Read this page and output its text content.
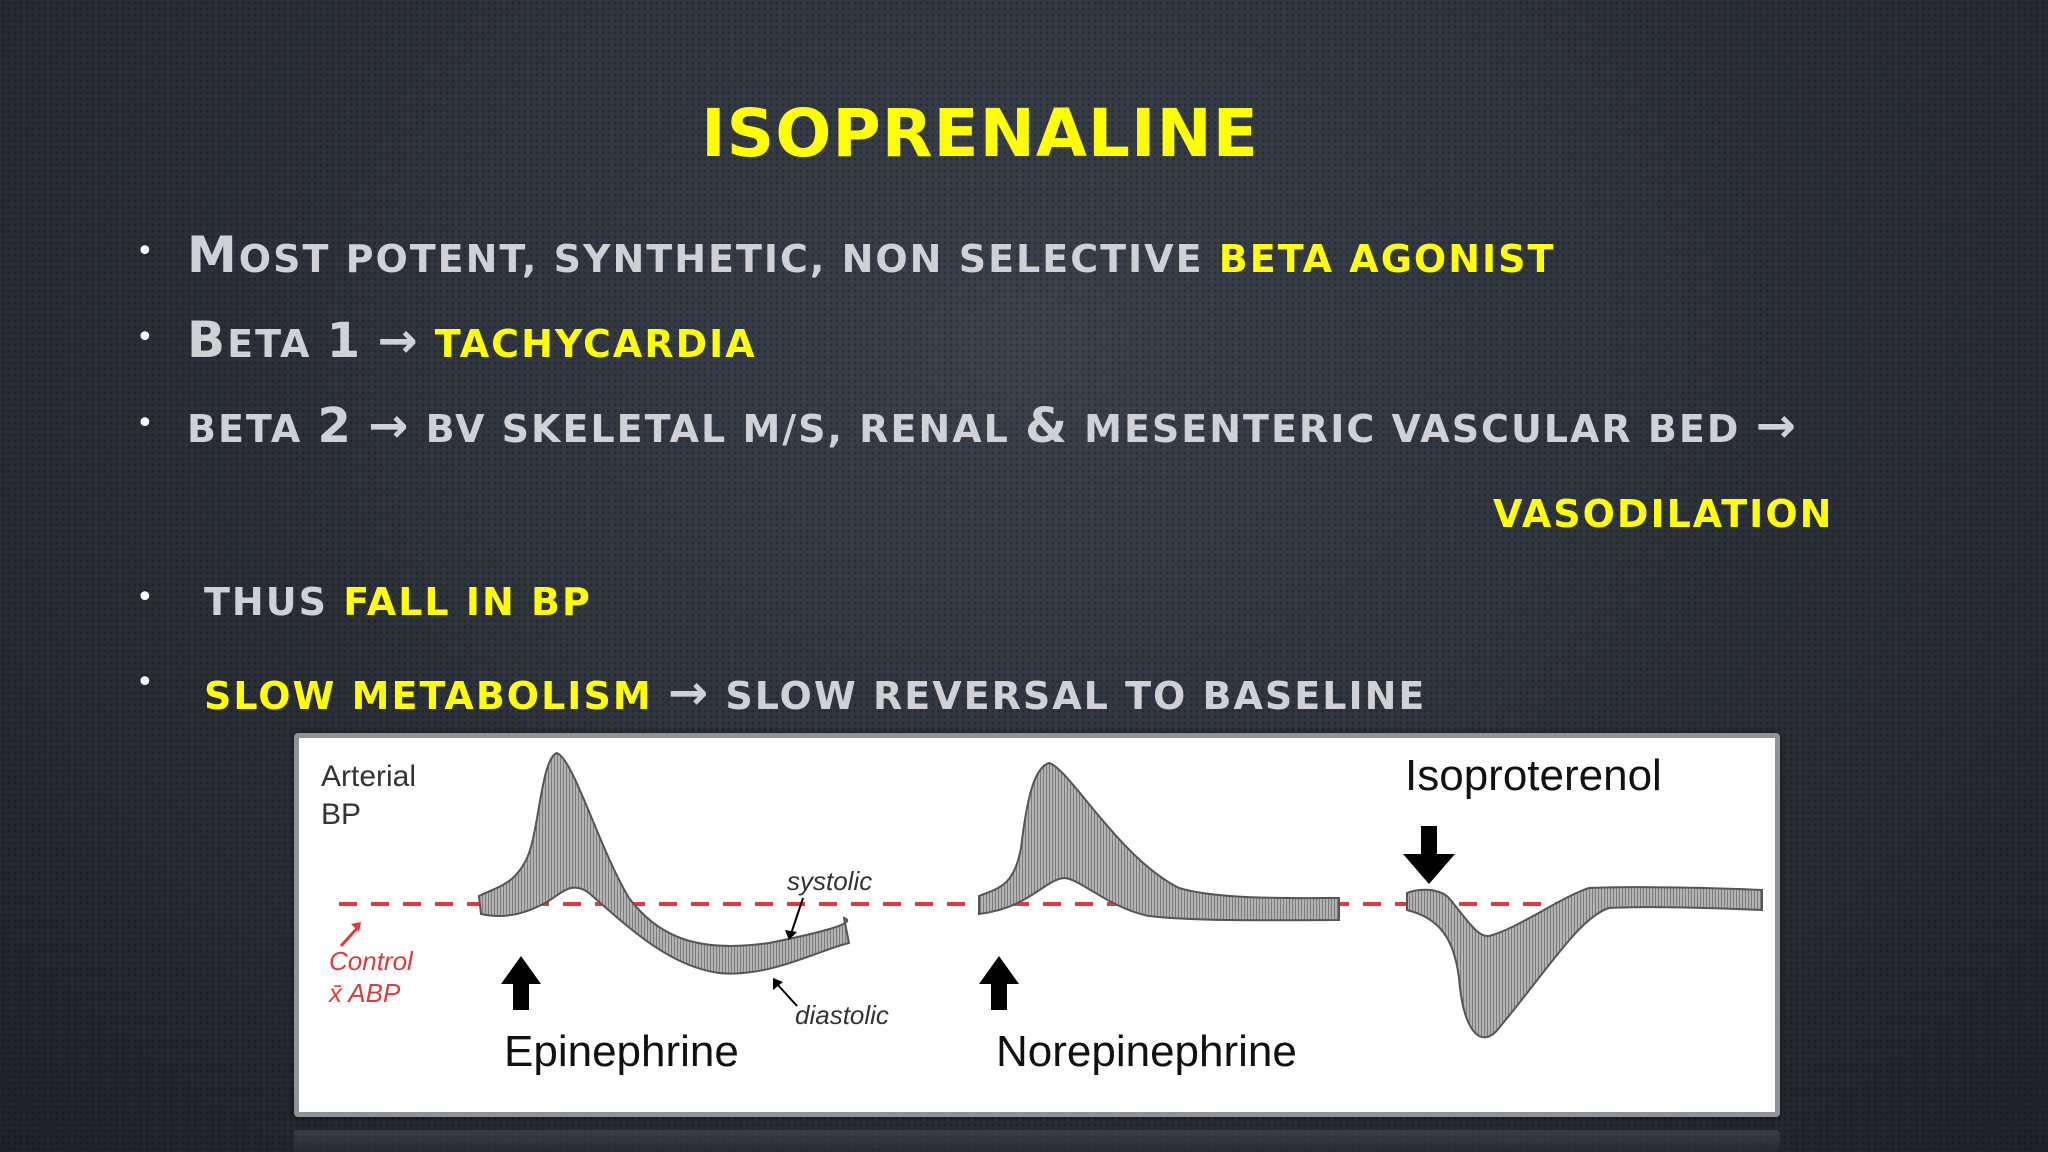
ISOPRENALINE
• MOST POTENT, SYNTHETIC, NON SELECTIVE BETA AGONIST
• BETA 1 → TACHYCARDIA
• BETA 2 → BV SKELETAL M/S, RENAL & MESENTERIC VASCULAR BED →
VASODILATION
• THUS FALL IN BP
• SLOW METABOLISM → SLOW REVERSAL TO BASELINE
Arterial
BP
Control
x̄ ABP
systolic
diastolic
Epinephrine	Norepinephrine
Isoproterenol
